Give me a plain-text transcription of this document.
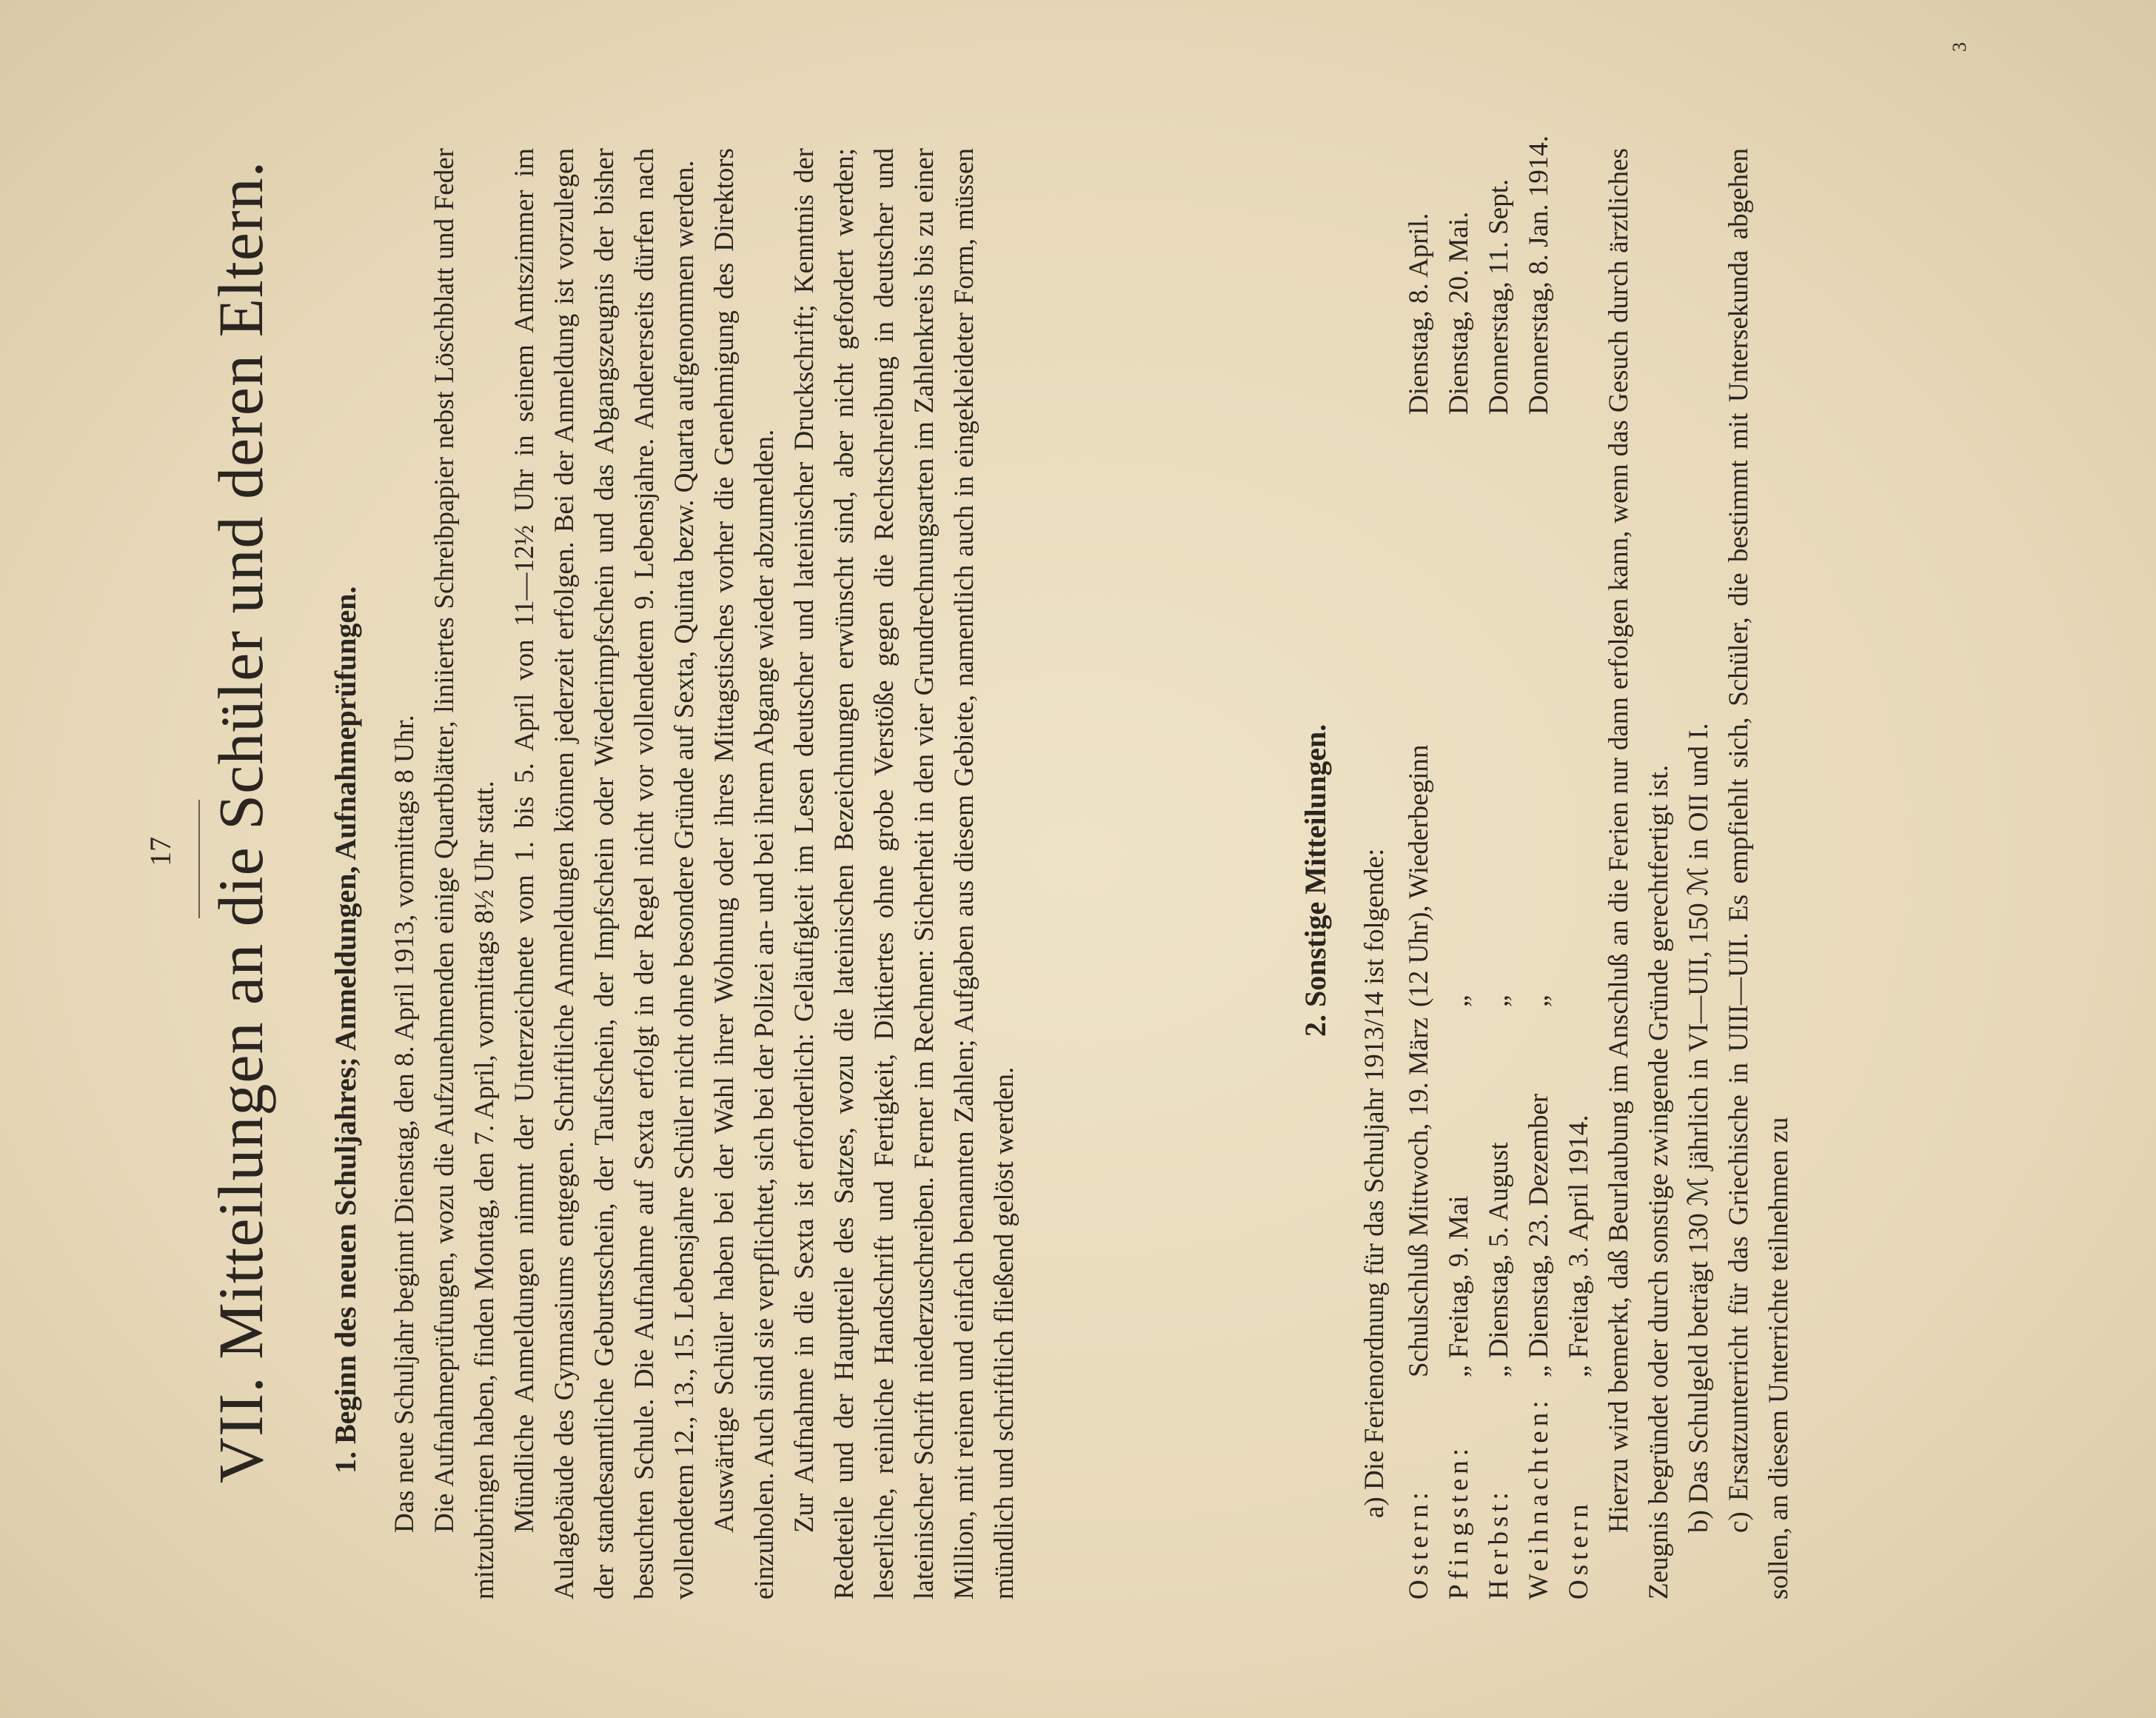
17 VII. Mitteilungen an die Schüler und deren Eltern. 1. Beginn des neuen Schuljahres; Anmeldungen, Aufnahmeprüfungen. Das neue Schuljahr beginnt Dienstag, den 8. April 1913, vormittags 8 Uhr. Die Aufnahmeprüfungen, wozu die Aufzunehmenden einige Quartblätter, liniiertes Schreibpapier nebst Löschblatt und Feder mitzubringen haben, finden Montag, den 7. April, vormittags 8½ Uhr statt. Mündliche Anmeldungen nimmt der Unterzeichnete vom 1. bis 5. April von 11—12½ Uhr in seinem Amtszimmer im Aulagebäude des Gymnasiums entgegen. Schriftliche Anmeldungen können jederzeit erfolgen. Bei der Anmeldung ist vorzulegen der standesamtliche Geburtsschein, der Taufschein, der Impfschein oder Wiederimpfschein und das Abgangszeugnis der bisher besuchten Schule. Die Aufnahme auf Sexta erfolgt in der Regel nicht vor vollendetem 9. Lebensjahre. Andererseits dürfen nach vollendetem 12., 13., 15. Lebensjahre Schüler nicht ohne besondere Gründe auf Sexta, Quinta bezw. Quarta aufgenommen werden. Auswärtige Schüler haben bei der Wahl ihrer Wohnung oder ihres Mittagstisches vorher die Genehmigung des Direktors einzuholen. Auch sind sie verpflichtet, sich bei der Polizei an- und bei ihrem Abgange wieder abzumelden. Zur Aufnahme in die Sexta ist erforderlich: Geläufigkeit im Lesen deutscher und lateinischer Druckschrift; Kenntnis der Redeteile und der Hauptteile des Satzes, wozu die lateinischen Bezeichnungen erwünscht sind, aber nicht gefordert werden; leserliche, reinliche Handschrift und Fertigkeit, Diktiertes ohne grobe Verstöße gegen die Rechtschreibung in deutscher und lateinischer Schrift niederzuschreiben. Ferner im Rechnen: Sicherheit in den vier Grundrechnungsarten im Zahlenkreis bis zu einer Million, mit reinen und einfach benannten Zahlen; Aufgaben aus diesem Gebiete, namentlich auch in eingekleideter Form, müssen mündlich und schriftlich fließend gelöst werden.

2. Sonstige Mitteilungen. a) Die Ferienordnung für das Schuljahr 1913/14 ist folgende:
Ostern:
Schulschluß Mittwoch, 19. März
(12 Uhr), Wiederbeginn
Dienstag, 8. April.
Pfingsten:
„ Freitag, 9. Mai
„
Dienstag, 20. Mai.
Herbst:
„ Dienstag, 5. August
„
Donnerstag, 11. Sept.
Weihnachten:
„ Dienstag, 23. Dezember
„
Donnerstag, 8. Jan. 1914.
Ostern
„ Freitag, 3. April 1914. Hierzu wird bemerkt, daß Beurlaubung im Anschluß an die Ferien nur dann erfolgen kann, wenn das Gesuch durch ärztliches Zeugnis begründet oder durch sonstige zwingende Gründe gerechtfertigt ist. b) Das Schulgeld beträgt 130 ℳ jährlich in VI—UII, 150 ℳ in OII und I. c) Ersatzunterricht für das Griechische in UIII—UII. Es empfiehlt sich, Schüler, die bestimmt mit Untersekunda abgehen sollen, an diesem Unterrichte teilnehmen zu

3
